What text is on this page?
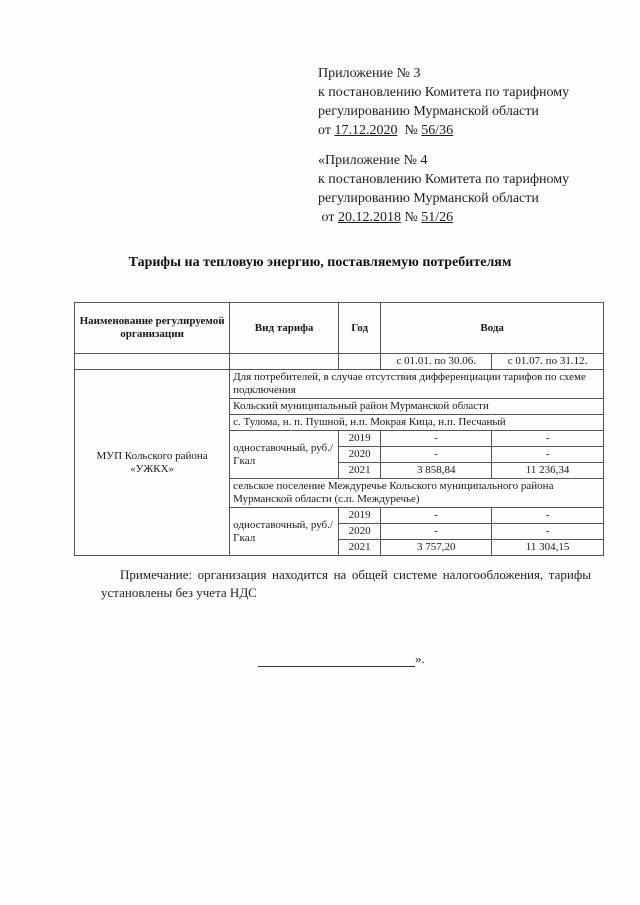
Приложение № 3
к постановлению Комитета по тарифному
регулированию Мурманской области
от 17.12.2020 № 56/36
«Приложение № 4
к постановлению Комитета по тарифному
регулированию Мурманской области
от 20.12.2018 № 51/26
Тарифы на тепловую энергию, поставляемую потребителям
Наименование регулируемой организации	Вид тарифа	Год	Вода	
			с 01.01. по 30.06.	с 01.07. по 31.12.
МУП Кольского района «УЖКХ»	Для потребителей, в случае отсутствия дифференциации тарифов по схеме подключения			
	Кольский муниципальный район Мурманской области			
	с. Тулома, н. п. Пушной, н.п. Мокрая Кица, н.п. Песчаный			
	одноставочный, руб./Гкал	2019	-	-
		2020	-	-
		2021	3 858,84	11 236,34
	сельское поселение Междуречье Кольского муниципального района Мурманской области (с.п. Междуречье)			
	одноставочный, руб./Гкал	2019	-	-
		2020	-	-
		2021	3 757,20	11 304,15
Примечание: организация находится на общей системе налогообложения, тарифы установлены без учета НДС
».
